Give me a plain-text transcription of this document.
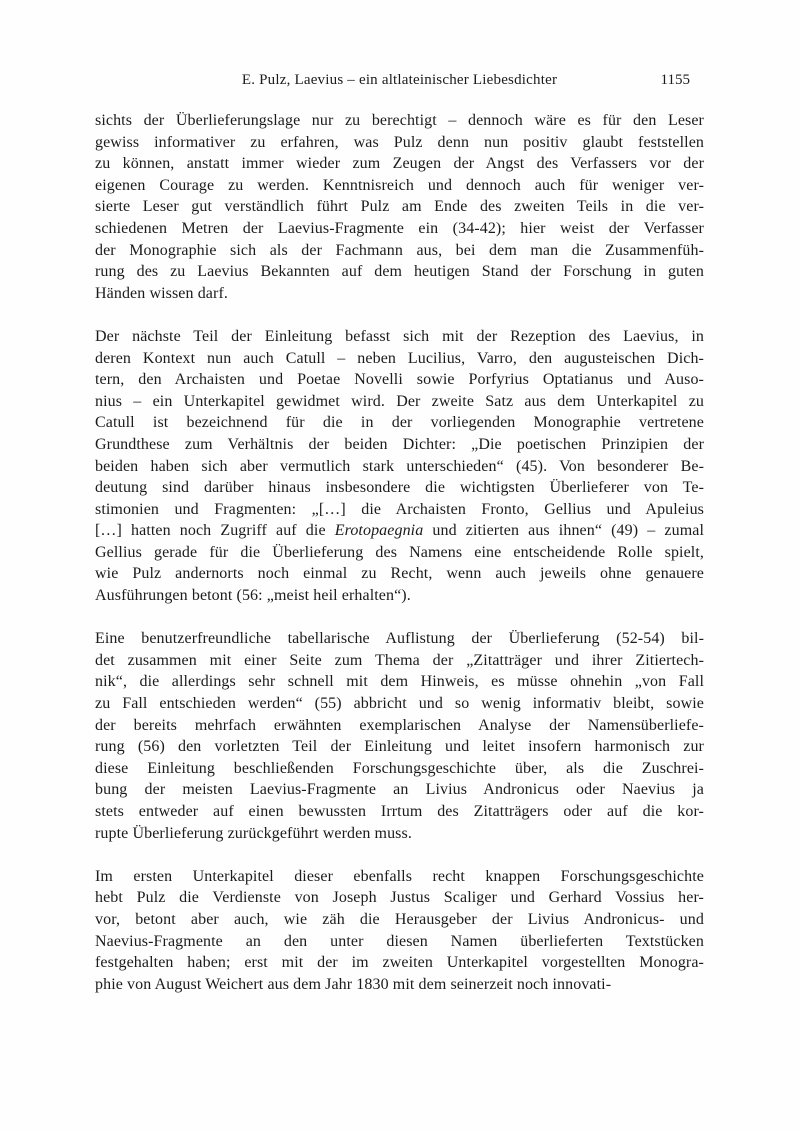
E. Pulz, Laevius – ein altlateinischer Liebesdichter	1155
sichts der Überlieferungslage nur zu berechtigt – dennoch wäre es für den Leser
gewiss informativer zu erfahren, was Pulz denn nun positiv glaubt feststellen
zu können, anstatt immer wieder zum Zeugen der Angst des Verfassers vor der
eigenen Courage zu werden. Kenntnisreich und dennoch auch für weniger ver-
sierte Leser gut verständlich führt Pulz am Ende des zweiten Teils in die ver-
schiedenen Metren der Laevius-Fragmente ein (34-42); hier weist der Verfasser
der Monographie sich als der Fachmann aus, bei dem man die Zusammenfüh-
rung des zu Laevius Bekannten auf dem heutigen Stand der Forschung in guten
Händen wissen darf.
Der nächste Teil der Einleitung befasst sich mit der Rezeption des Laevius, in
deren Kontext nun auch Catull – neben Lucilius, Varro, den augusteischen Dich-
tern, den Archaisten und Poetae Novelli sowie Porfyrius Optatianus und Auso-
nius – ein Unterkapitel gewidmet wird. Der zweite Satz aus dem Unterkapitel zu
Catull ist bezeichnend für die in der vorliegenden Monographie vertretene
Grundthese zum Verhältnis der beiden Dichter: „Die poetischen Prinzipien der
beiden haben sich aber vermutlich stark unterschieden“ (45). Von besonderer Be-
deutung sind darüber hinaus insbesondere die wichtigsten Überlieferer von Te-
stimonien und Fragmenten: „[…] die Archaisten Fronto, Gellius und Apuleius
[…] hatten noch Zugriff auf die Erotopaegnia und zitierten aus ihnen“ (49) – zumal
Gellius gerade für die Überlieferung des Namens eine entscheidende Rolle spielt,
wie Pulz andernorts noch einmal zu Recht, wenn auch jeweils ohne genauere
Ausführungen betont (56: „meist heil erhalten“).
Eine benutzerfreundliche tabellarische Auflistung der Überlieferung (52-54) bil-
det zusammen mit einer Seite zum Thema der „Zitatträger und ihrer Zitiertech-
nik“, die allerdings sehr schnell mit dem Hinweis, es müsse ohnehin „von Fall
zu Fall entschieden werden“ (55) abbricht und so wenig informativ bleibt, sowie
der bereits mehrfach erwähnten exemplarischen Analyse der Namensüberliefe-
rung (56) den vorletzten Teil der Einleitung und leitet insofern harmonisch zur
diese Einleitung beschließenden Forschungsgeschichte über, als die Zuschrei-
bung der meisten Laevius-Fragmente an Livius Andronicus oder Naevius ja
stets entweder auf einen bewussten Irrtum des Zitatträgers oder auf die kor-
rupte Überlieferung zurückgeführt werden muss.
Im ersten Unterkapitel dieser ebenfalls recht knappen Forschungsgeschichte
hebt Pulz die Verdienste von Joseph Justus Scaliger und Gerhard Vossius her-
vor, betont aber auch, wie zäh die Herausgeber der Livius Andronicus- und
Naevius-Fragmente an den unter diesen Namen überlieferten Textstücken
festgehalten haben; erst mit der im zweiten Unterkapitel vorgestellten Monogra-
phie von August Weichert aus dem Jahr 1830 mit dem seinerzeit noch innovati-
